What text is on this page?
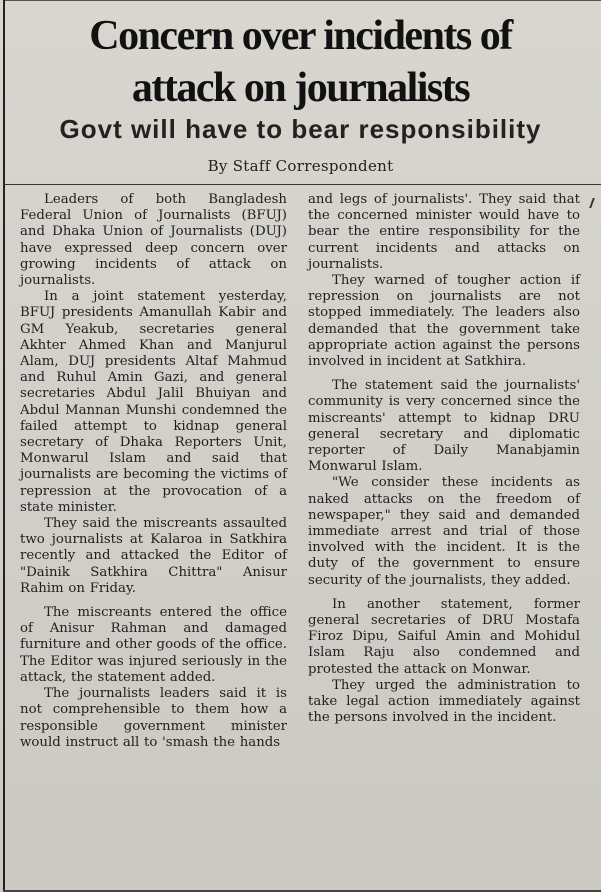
Concern over incidents of
attack on journalists
Govt will have to bear responsibility
By Staff Correspondent

Leaders of both Bangladesh Federal Union of Journalists (BFUJ) and Dhaka Union of Journalists (DUJ) have expressed deep concern over growing incidents of attack on journalists.

In a joint statement yesterday, BFUJ presidents Amanullah Kabir and GM Yeakub, secretaries general Akhter Ahmed Khan and Manjurul Alam, DUJ presidents Altaf Mahmud and Ruhul Amin Gazi, and general secretaries Abdul Jalil Bhuiyan and Abdul Mannan Munshi condemned the failed attempt to kidnap general secretary of Dhaka Reporters Unit, Monwarul Islam and said that journalists are becoming the victims of repression at the provocation of a state minister.

They said the miscreants assaulted two journalists at Kalaroa in Satkhira recently and attacked the Editor of "Dainik Satkhira Chittra" Anisur Rahim on Friday.

The miscreants entered the office of Anisur Rahman and damaged furniture and other goods of the office. The Editor was injured seriously in the attack, the statement added.

The journalists leaders said it is not comprehensible to them how a responsible government minister would instruct all to 'smash the hands

and legs of journalists'. They said that the concerned minister would have to bear the entire responsibility for the current incidents and attacks on journalists.

They warned of tougher action if repression on journalists are not stopped immediately. The leaders also demanded that the government take appropriate action against the persons involved in incident at Satkhira.

The statement said the journalists' community is very concerned since the miscreants' attempt to kidnap DRU general secretary and diplomatic reporter of Daily Manabjamin Monwarul Islam.

"We consider these incidents as naked attacks on the freedom of newspaper," they said and demanded immediate arrest and trial of those involved with the incident. It is the duty of the government to ensure security of the journalists, they added.

In another statement, former general secretaries of DRU Mostafa Firoz Dipu, Saiful Amin and Mohidul Islam Raju also condemned and protested the attack on Monwar.

They urged the administration to take legal action immediately against the persons involved in the incident.
